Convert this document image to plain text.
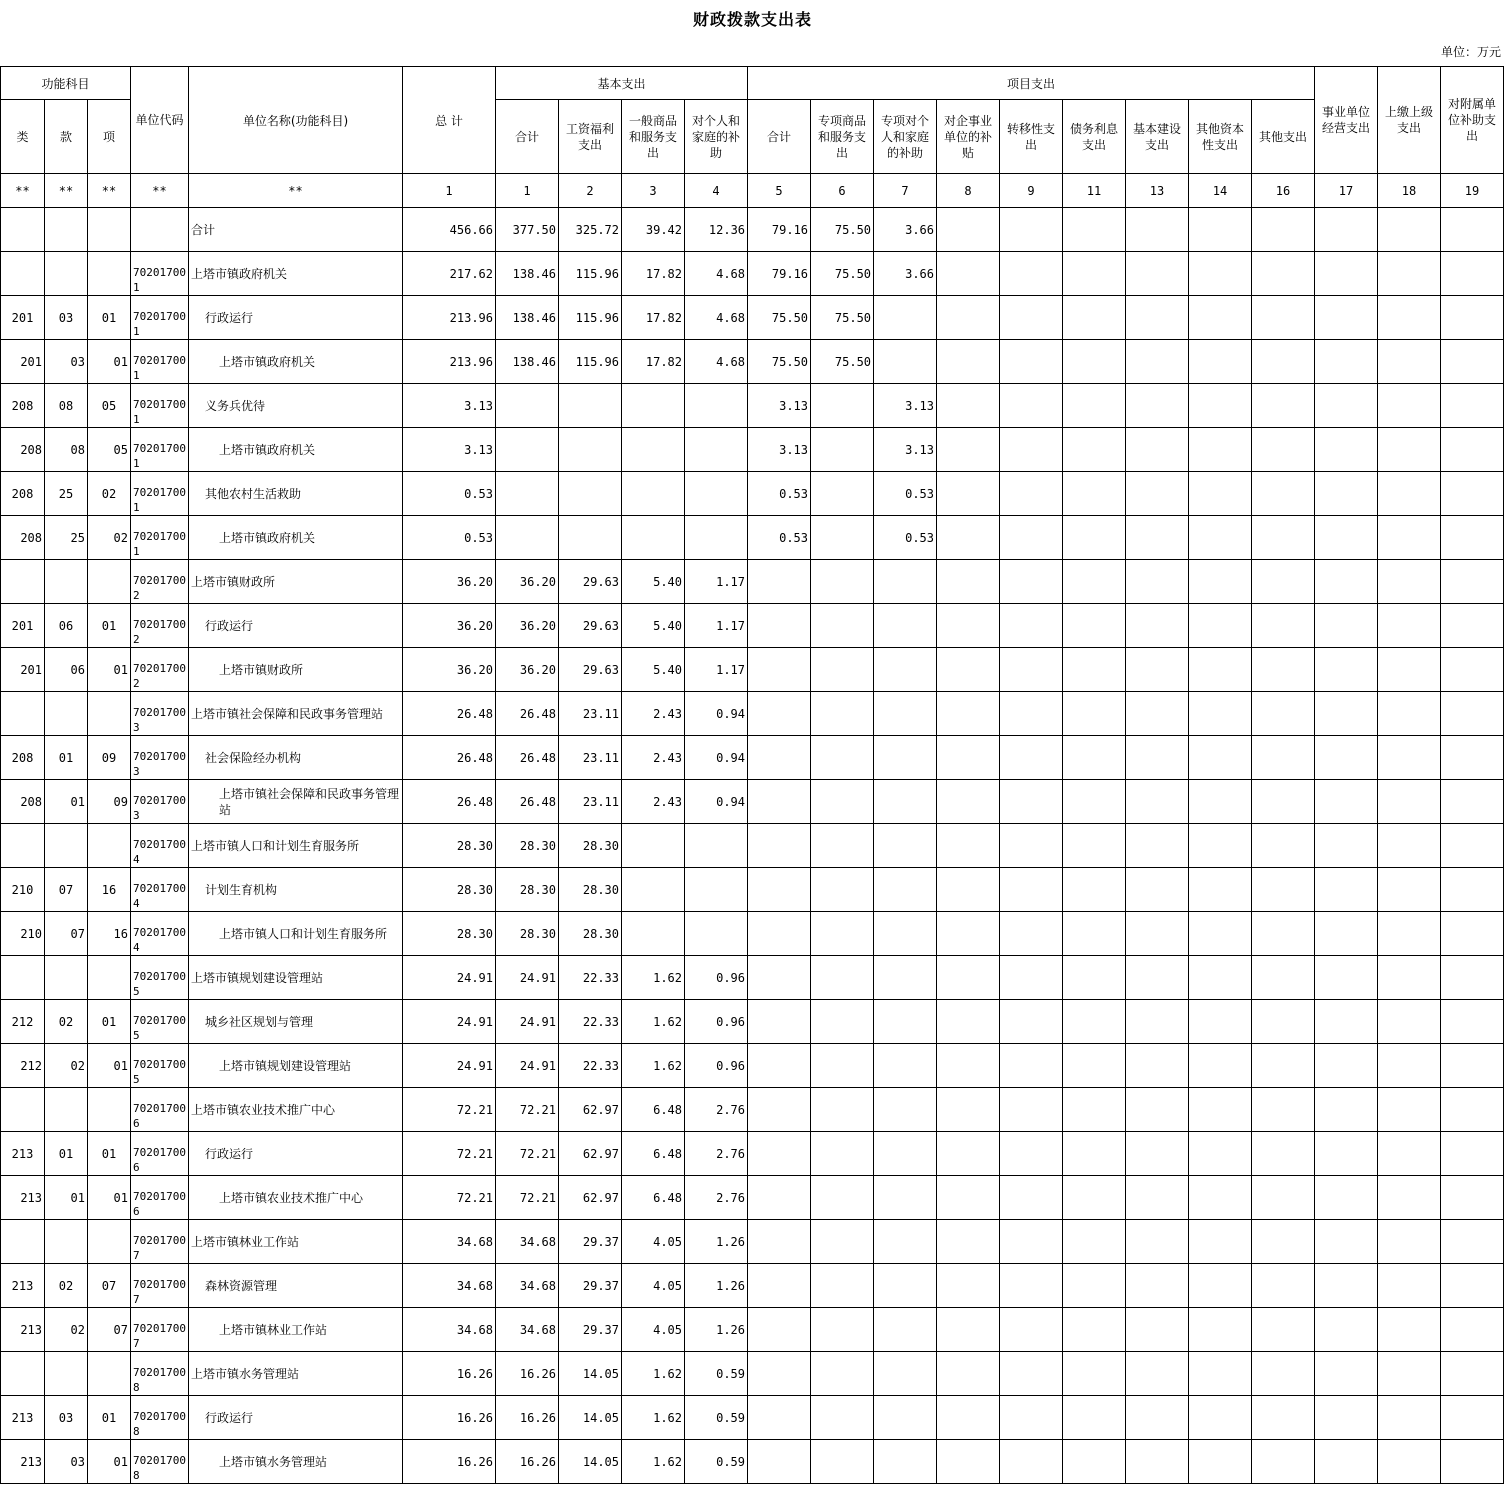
财政拨款支出表
单位：万元
功能科目			单位代码	单位名称(功能科目)	总 计	基本支出				项目支出									事业单位经营支出	上缴上级支出	对附属单位补助支出
类	款	项				合计	工资福利支出	一般商品和服务支出	对个人和家庭的补助	合计	专项商品和服务支出	专项对个人和家庭的补助	对企事业单位的补贴	转移性支出	债务利息支出	基本建设支出	其他资本性支出	其他支出			
**	**	**	**	**	1	1	2	3	4	5	6	7	8	9	11	13	14	16	17	18	19
				合计	456.66	377.50	325.72	39.42	12.36	79.16	75.50	3.66									
			702017001	上塔市镇政府机关	217.62	138.46	115.96	17.82	4.68	79.16	75.50	3.66									
201	03	01	702017001	行政运行	213.96	138.46	115.96	17.82	4.68	75.50	75.50										
201	03	01	702017001	上塔市镇政府机关	213.96	138.46	115.96	17.82	4.68	75.50	75.50										
208	08	05	702017001	义务兵优待	3.13					3.13		3.13									
208	08	05	702017001	上塔市镇政府机关	3.13					3.13		3.13									
208	25	02	702017001	其他农村生活救助	0.53					0.53		0.53									
208	25	02	702017001	上塔市镇政府机关	0.53					0.53		0.53									
			702017002	上塔市镇财政所	36.20	36.20	29.63	5.40	1.17												
201	06	01	702017002	行政运行	36.20	36.20	29.63	5.40	1.17												
201	06	01	702017002	上塔市镇财政所	36.20	36.20	29.63	5.40	1.17												
			702017003	上塔市镇社会保障和民政事务管理站	26.48	26.48	23.11	2.43	0.94												
208	01	09	702017003	社会保险经办机构	26.48	26.48	23.11	2.43	0.94												
208	01	09	702017003	上塔市镇社会保障和民政事务管理站	26.48	26.48	23.11	2.43	0.94												
			702017004	上塔市镇人口和计划生育服务所	28.30	28.30	28.30														
210	07	16	702017004	计划生育机构	28.30	28.30	28.30														
210	07	16	702017004	上塔市镇人口和计划生育服务所	28.30	28.30	28.30														
			702017005	上塔市镇规划建设管理站	24.91	24.91	22.33	1.62	0.96												
212	02	01	702017005	城乡社区规划与管理	24.91	24.91	22.33	1.62	0.96												
212	02	01	702017005	上塔市镇规划建设管理站	24.91	24.91	22.33	1.62	0.96												
			702017006	上塔市镇农业技术推广中心	72.21	72.21	62.97	6.48	2.76												
213	01	01	702017006	行政运行	72.21	72.21	62.97	6.48	2.76												
213	01	01	702017006	上塔市镇农业技术推广中心	72.21	72.21	62.97	6.48	2.76												
			702017007	上塔市镇林业工作站	34.68	34.68	29.37	4.05	1.26												
213	02	07	702017007	森林资源管理	34.68	34.68	29.37	4.05	1.26												
213	02	07	702017007	上塔市镇林业工作站	34.68	34.68	29.37	4.05	1.26												
			702017008	上塔市镇水务管理站	16.26	16.26	14.05	1.62	0.59												
213	03	01	702017008	行政运行	16.26	16.26	14.05	1.62	0.59												
213	03	01	702017008	上塔市镇水务管理站	16.26	16.26	14.05	1.62	0.59												
